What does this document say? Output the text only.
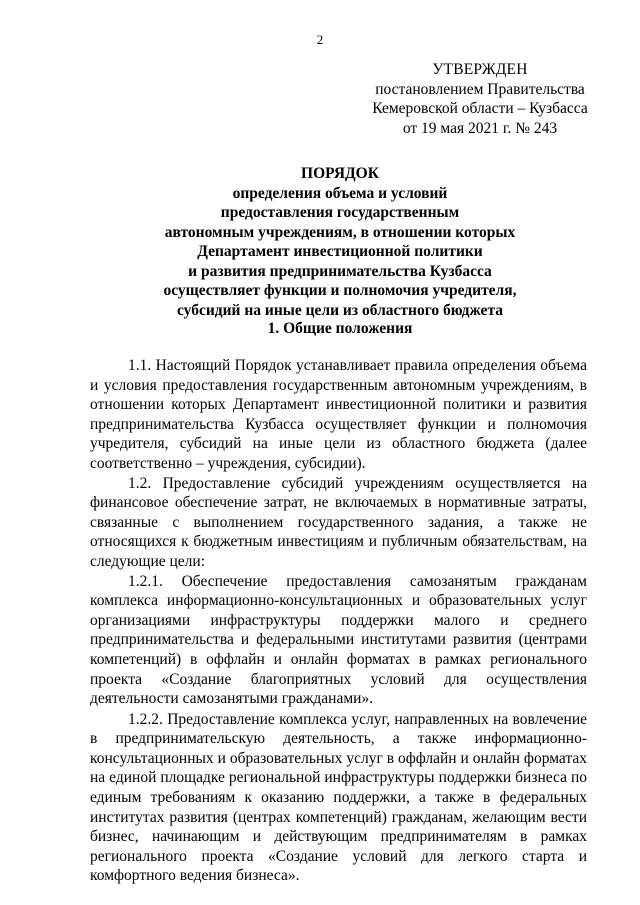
2
УТВЕРЖДЕН
постановлением Правительства
Кемеровской области – Кузбасса
от 19 мая 2021 г. № 243
ПОРЯДОК
определения объема и условий
предоставления государственным
автономным учреждениям, в отношении которых
Департамент инвестиционной политики
и развития предпринимательства Кузбасса
осуществляет функции и полномочия учредителя,
субсидий на иные цели из областного бюджета
1. Общие положения

1.1. Настоящий Порядок устанавливает правила определения объема и условия предоставления государственным автономным учреждениям, в отношении которых Департамент инвестиционной политики и развития предпринимательства Кузбасса осуществляет функции и полномочия учредителя, субсидий на иные цели из областного бюджета (далее соответственно – учреждения, субсидии).

1.2. Предоставление субсидий учреждениям осуществляется на финансовое обеспечение затрат, не включаемых в нормативные затраты, связанные с выполнением государственного задания, а также не относящихся к бюджетным инвестициям и публичным обязательствам, на следующие цели:

1.2.1. Обеспечение предоставления самозанятым гражданам комплекса информационно-консультационных и образовательных услуг организациями инфраструктуры поддержки малого и среднего предпринимательства и федеральными институтами развития (центрами компетенций) в оффлайн и онлайн форматах в рамках регионального проекта «Создание благоприятных условий для осуществления деятельности самозанятыми гражданами».

1.2.2. Предоставление комплекса услуг, направленных на вовлечение в предпринимательскую деятельность, а также информационно-консультационных и образовательных услуг в оффлайн и онлайн форматах на единой площадке региональной инфраструктуры поддержки бизнеса по единым требованиям к оказанию поддержки, а также в федеральных институтах развития (центрах компетенций) гражданам, желающим вести бизнес, начинающим и действующим предпринимателям в рамках регионального проекта «Создание условий для легкого старта и комфортного ведения бизнеса».
